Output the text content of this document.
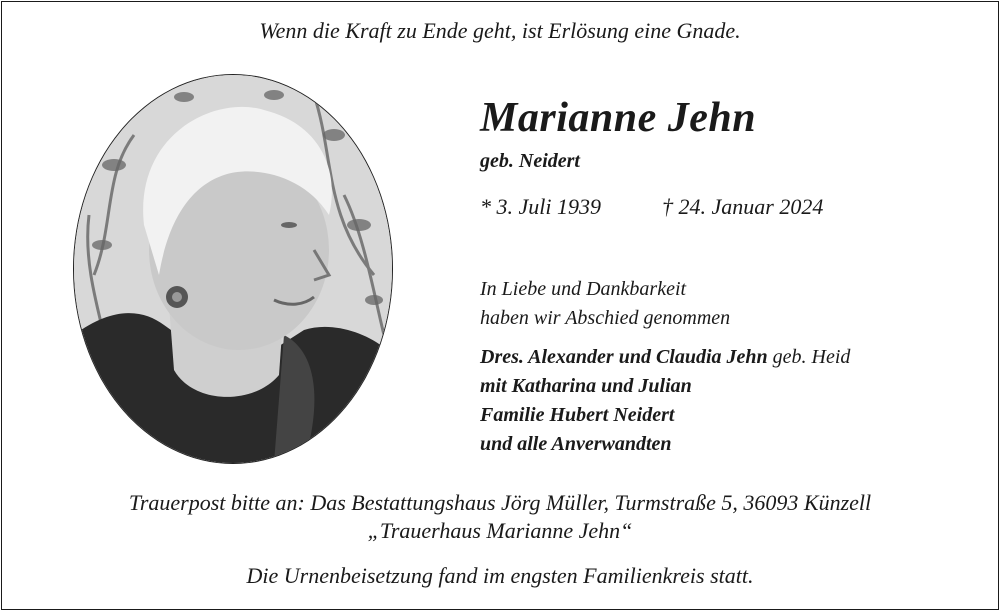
Wenn die Kraft zu Ende geht, ist Erlösung eine Gnade.
Marianne Jehn
geb. Neidert
* 3. Juli 1939	† 24. Januar 2024
In Liebe und Dankbarkeit
haben wir Abschied genommen
Dres. Alexander und Claudia Jehn geb. Heid
mit Katharina und Julian
Familie Hubert Neidert
und alle Anverwandten
Trauerpost bitte an: Das Bestattungshaus Jörg Müller, Turmstraße 5, 36093 Künzell
„Trauerhaus Marianne Jehn“
Die Urnenbeisetzung fand im engsten Familienkreis statt.
